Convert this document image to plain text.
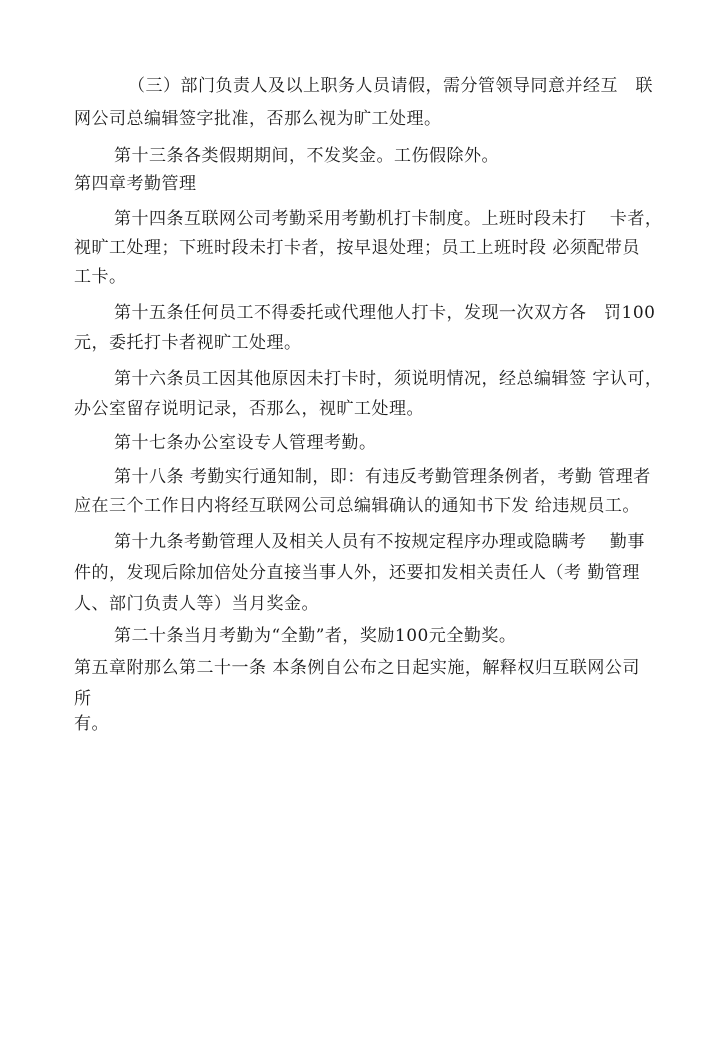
（三）部门负责人及以上职务人员请假，需分管领导同意并经互　联
网公司总编辑签字批准，否那么视为旷工处理。
第十三条各类假期期间，不发奖金。工伤假除外。
第四章考勤管理
第十四条互联网公司考勤采用考勤机打卡制度。上班时段未打　 卡者，
视旷工处理；下班时段未打卡者，按早退处理；员工上班时段 必须配带员
工卡。
第十五条任何员工不得委托或代理他人打卡，发现一次双方各　罚100
元，委托打卡者视旷工处理。
第十六条员工因其他原因未打卡时，须说明情况，经总编辑签 字认可，
办公室留存说明记录，否那么，视旷工处理。
第十七条办公室设专人管理考勤。
第十八条 考勤实行通知制，即：有违反考勤管理条例者，考勤 管理者
应在三个工作日内将经互联网公司总编辑确认的通知书下发 给违规员工。
第十九条考勤管理人及相关人员有不按规定程序办理或隐瞒考　 勤事
件的，发现后除加倍处分直接当事人外，还要扣发相关责任人（考 勤管理
人、部门负责人等）当月奖金。
第二十条当月考勤为“全勤”者，奖励100元全勤奖。
第五章附那么第二十一条 本条例自公布之日起实施，解释权归互联网公司
所
有。
